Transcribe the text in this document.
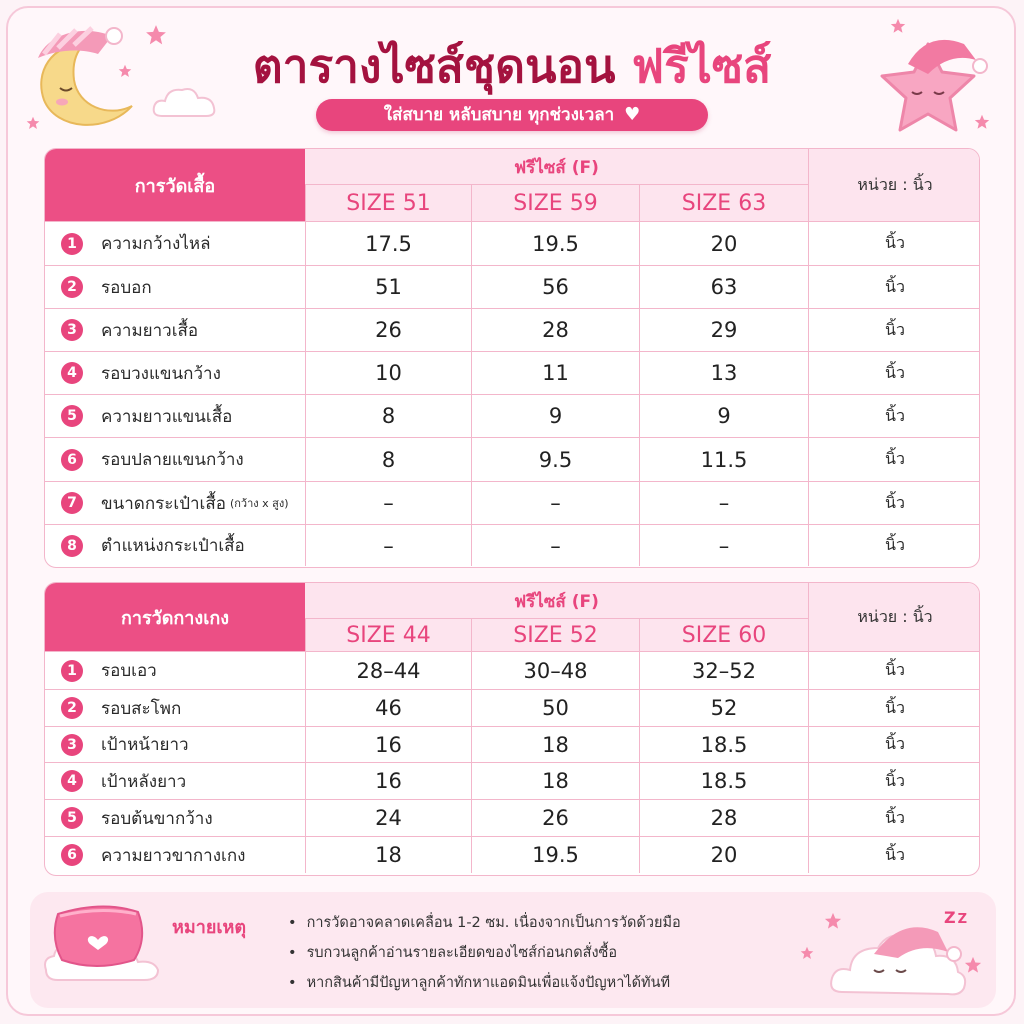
ตารางไซส์ชุดนอน ฟรีไซส์
ใส่สบาย หลับสบาย ทุกช่วงเวลา ♥
การวัดเสื้อ
ฟรีไซส์ (F)
SIZE 51	SIZE 59	SIZE 63
หน่วย : นิ้ว
1	ความกว้างไหล่	17.5	19.5	20	นิ้ว
2	รอบอก	51	56	63	นิ้ว
3	ความยาวเสื้อ	26	28	29	นิ้ว
4	รอบวงแขนกว้าง	10	11	13	นิ้ว
5	ความยาวแขนเสื้อ	8	9	9	นิ้ว
6	รอบปลายแขนกว้าง	8	9.5	11.5	นิ้ว
7	ขนาดกระเป๋าเสื้อ (กว้าง x สูง)	–	–	–	นิ้ว
8	ตำแหน่งกระเป๋าเสื้อ	–	–	–	นิ้ว
การวัดกางเกง
ฟรีไซส์ (F)
SIZE 44	SIZE 52	SIZE 60
หน่วย : นิ้ว
1	รอบเอว	28–44	30–48	32–52	นิ้ว
2	รอบสะโพก	46	50	52	นิ้ว
3	เป้าหน้ายาว	16	18	18.5	นิ้ว
4	เป้าหลังยาว	16	18	18.5	นิ้ว
5	รอบต้นขากว้าง	24	26	28	นิ้ว
6	ความยาวขากางเกง	18	19.5	20	นิ้ว
หมายเหตุ
•	การวัดอาจคลาดเคลื่อน 1-2 ซม. เนื่องจากเป็นการวัดด้วยมือ
• รบกวนลูกค้าอ่านรายละเอียดของไซส์ก่อนกดสั่งซื้อ
• หากสินค้ามีปัญหาลูกค้าทักหาแอดมินเพื่อแจ้งปัญหาได้ทันที
Z Z
